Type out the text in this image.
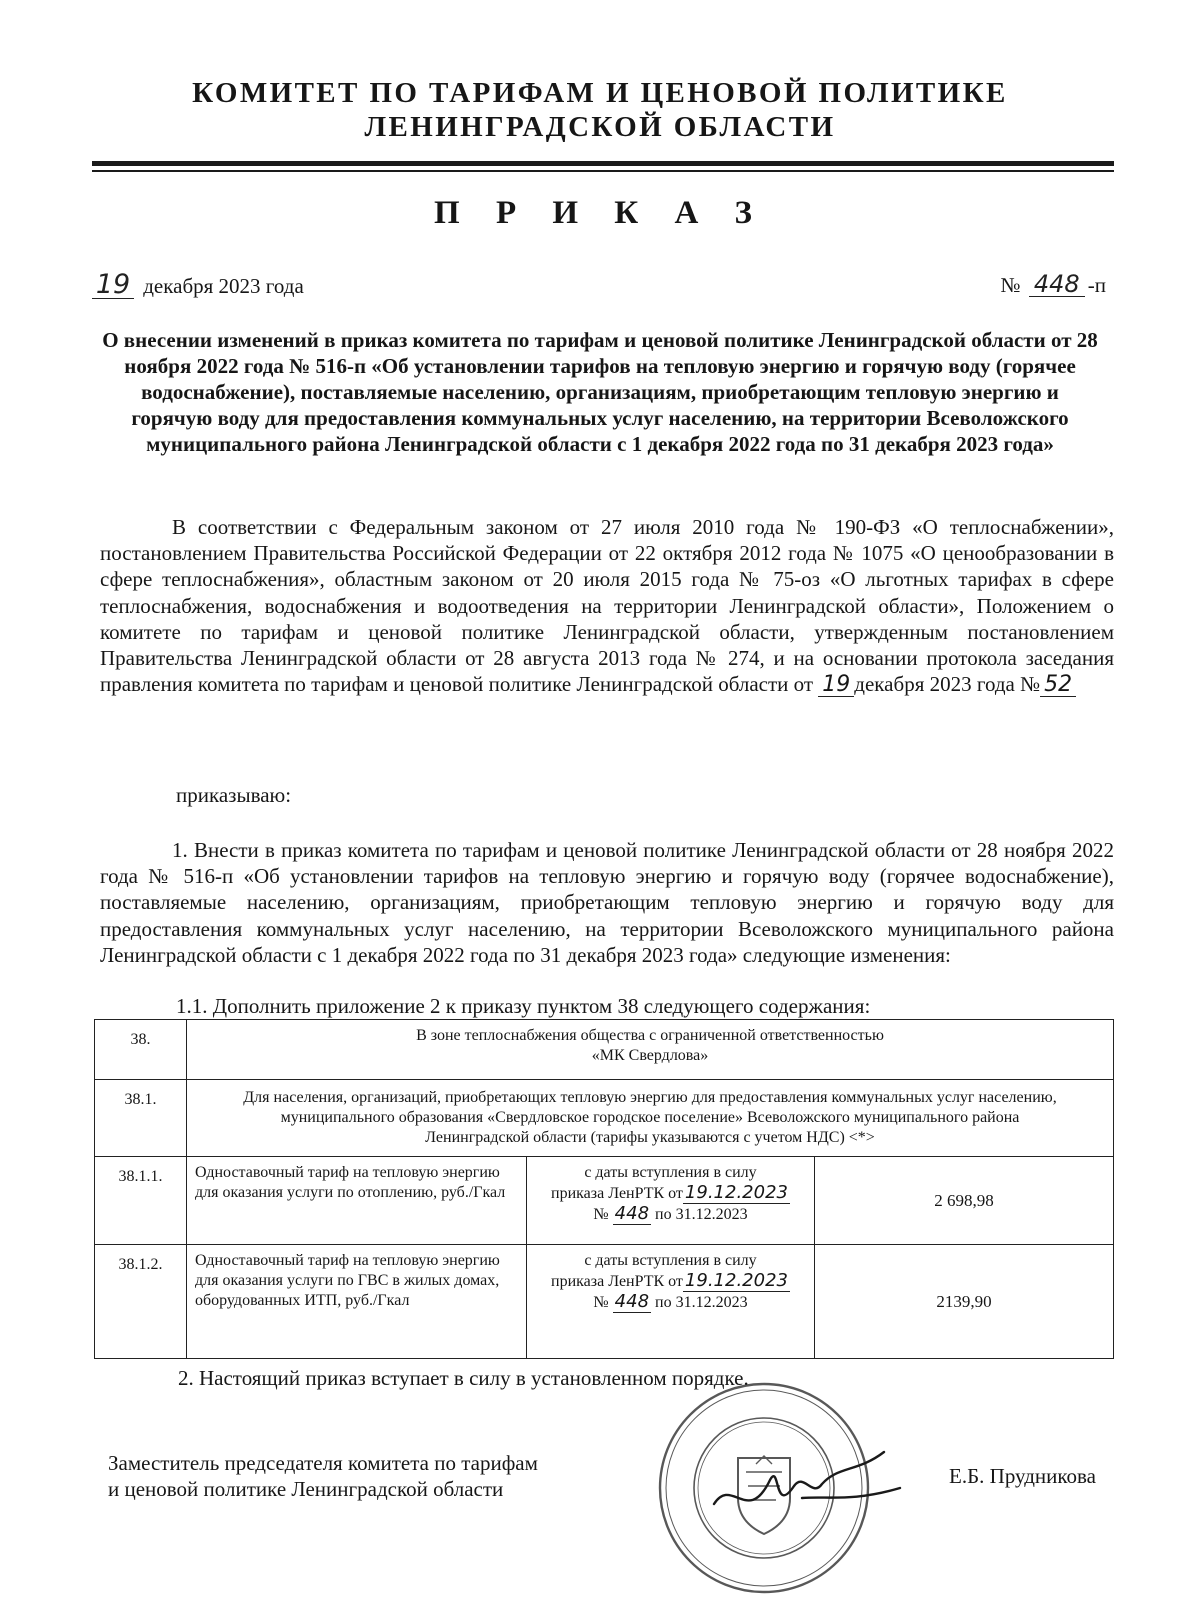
КОМИТЕТ ПО ТАРИФАМ И ЦЕНОВОЙ ПОЛИТИКЕ
ЛЕНИНГРАДСКОЙ ОБЛАСТИ
П Р И К А З
19 декабря 2023 года	№ 448 -п
О внесении изменений в приказ комитета по тарифам и ценовой политике Ленинградской области от 28 ноября 2022 года № 516-п «Об установлении тарифов на тепловую энергию и горячую воду (горячее водоснабжение), поставляемые населению, организациям, приобретающим тепловую энергию и горячую воду для предоставления коммунальных услуг населению, на территории Всеволожского муниципального района Ленинградской области с 1 декабря 2022 года по 31 декабря 2023 года»
В соответствии с Федеральным законом от 27 июля 2010 года № 190-ФЗ «О теплоснабжении», постановлением Правительства Российской Федерации от 22 октября 2012 года № 1075 «О ценообразовании в сфере теплоснабжения», областным законом от 20 июля 2015 года № 75-оз «О льготных тарифах в сфере теплоснабжения, водоснабжения и водоотведения на территории Ленинградской области», Положением о комитете по тарифам и ценовой политике Ленинградской области, утвержденным постановлением Правительства Ленинградской области от 28 августа 2013 года № 274, и на основании протокола заседания правления комитета по тарифам и ценовой политике Ленинградской области от 19 декабря 2023 года № 52
приказываю:
1. Внести в приказ комитета по тарифам и ценовой политике Ленинградской области от 28 ноября 2022 года № 516-п «Об установлении тарифов на тепловую энергию и горячую воду (горячее водоснабжение), поставляемые населению, организациям, приобретающим тепловую энергию и горячую воду для предоставления коммунальных услуг населению, на территории Всеволожского муниципального района Ленинградской области с 1 декабря 2022 года по 31 декабря 2023 года» следующие изменения:
1.1. Дополнить приложение 2 к приказу пунктом 38 следующего содержания:
38.	В зоне теплоснабжения общества с ограниченной ответственностью
«МК Свердлова»		

38.1.	Для населения, организаций, приобретающих тепловую энергию для предоставления коммунальных услуг населению, муниципального образования «Свердловское городское поселение» Всеволожского муниципального района Ленинградской области (тарифы указываются с учетом НДС) <*>		
38.1.1.	Одноставочный тариф на тепловую энергию для оказания услуги по отоплению, руб./Гкал	с даты вступления в силу
приказа ЛенРТК от 19.12.2023
№ 448 по 31.12.2023	2 698,98
38.1.2.	Одноставочный тариф на тепловую энергию для оказания услуги по ГВС в жилых домах, оборудованных ИТП, руб./Гкал	с даты вступления в силу
приказа ЛенРТК от 19.12.2023
№ 448 по 31.12.2023	2139,90
2. Настоящий приказ вступает в силу в установленном порядке.
Заместитель председателя комитета по тарифам
и ценовой политике Ленинградской области
Е.Б. Прудникова
